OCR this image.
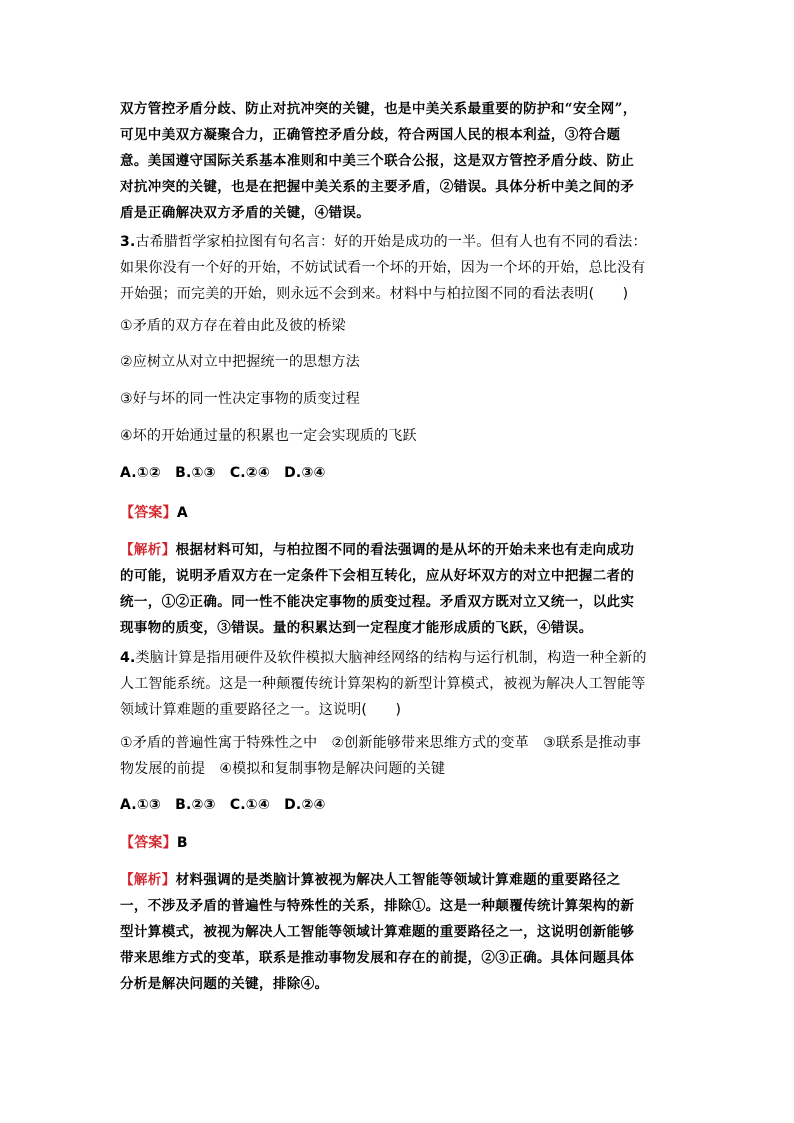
双方管控矛盾分歧、防止对抗冲突的关键，也是中美关系最重要的防护和“安全网”，
可见中美双方凝聚合力，正确管控矛盾分歧，符合两国人民的根本利益，③符合题
意。美国遵守国际关系基本准则和中美三个联合公报，这是双方管控矛盾分歧、防止
对抗冲突的关键，也是在把握中美关系的主要矛盾，②错误。具体分析中美之间的矛
盾是正确解决双方矛盾的关键，④错误。
3.古希腊哲学家柏拉图有句名言：好的开始是成功的一半。但有人也有不同的看法：
如果你没有一个好的开始，不妨试试看一个坏的开始，因为一个坏的开始，总比没有
开始强；而完美的开始，则永远不会到来。材料中与柏拉图不同的看法表明(　　)
①矛盾的双方存在着由此及彼的桥梁
②应树立从对立中把握统一的思想方法
③好与坏的同一性决定事物的质变过程
④坏的开始通过量的积累也一定会实现质的飞跃
A.①②　B.①③　C.②④　D.③④
【答案】A
【解析】根据材料可知，与柏拉图不同的看法强调的是从坏的开始未来也有走向成功
的可能，说明矛盾双方在一定条件下会相互转化，应从好坏双方的对立中把握二者的
统一，①②正确。同一性不能决定事物的质变过程。矛盾双方既对立又统一，以此实
现事物的质变，③错误。量的积累达到一定程度才能形成质的飞跃，④错误。
4.类脑计算是指用硬件及软件模拟大脑神经网络的结构与运行机制，构造一种全新的
人工智能系统。这是一种颠覆传统计算架构的新型计算模式，被视为解决人工智能等
领域计算难题的重要路径之一。这说明(　　)
①矛盾的普遍性寓于特殊性之中　②创新能够带来思维方式的变革　③联系是推动事
物发展的前提　④模拟和复制事物是解决问题的关键
A.①③　B.②③　C.①④　D.②④
【答案】B
【解析】材料强调的是类脑计算被视为解决人工智能等领域计算难题的重要路径之
一，不涉及矛盾的普遍性与特殊性的关系，排除①。这是一种颠覆传统计算架构的新
型计算模式，被视为解决人工智能等领域计算难题的重要路径之一，这说明创新能够
带来思维方式的变革，联系是推动事物发展和存在的前提，②③正确。具体问题具体
分析是解决问题的关键，排除④。
